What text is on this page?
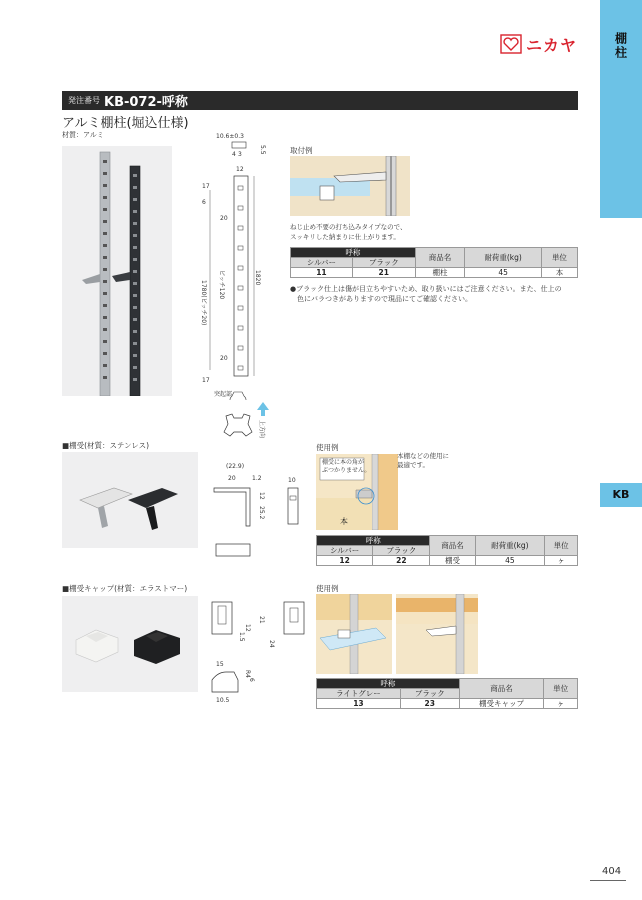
棚柱
KB
ニカヤ
発注番号 KB-072-呼称
アルミ棚柱(堀込仕様)
材質：アルミ	10.6±0.3
4 3
12
17
6
20
20
17
突起部
5.5
1780(ピッチ20) ピッチ120	1820
上方向
取付例
ねじ止め不要の打ち込みタイプなので、
スッキリした納まりに仕上がります。
呼称		商品名	耐荷重(kg)	単位
シルバー	ブラック			
11	21	棚柱	45	本
●ブラック仕上は傷が目立ちやすいため、取り扱いにはご注意ください。また、仕上の
色にバラつきがありますので現品にてご確認ください。
■棚受(材質：ステンレス)
(22.9)
20	1.2	10
12
25.2
使用例
本
棚受に本の角が
ぶつかりません。
本棚などの使用に
最適です。
呼称		商品名	耐荷重(kg)	単位
シルバー	ブラック			
12	22	棚受	45	ヶ
■棚受キャップ(材質：エラストマー)
21
12
1.5
24
R4
6
15
10.5
使用例
呼称		商品名	単位
ライトグレー	ブラック		
13	23	棚受キャップ	ヶ
404
